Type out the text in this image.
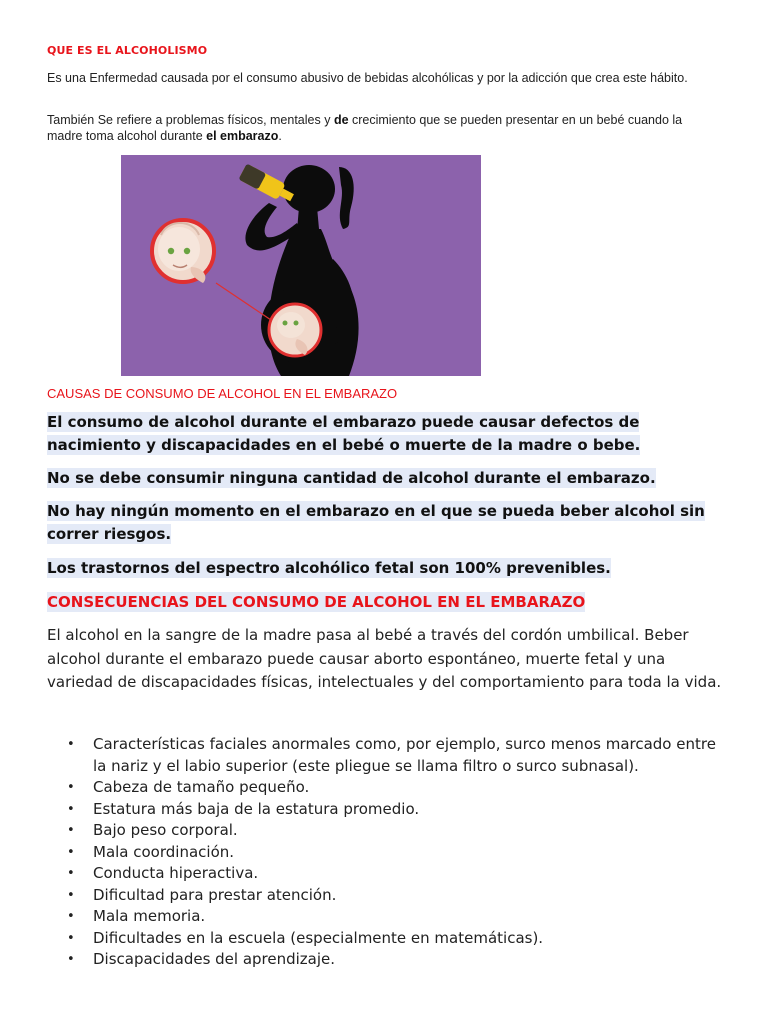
QUE ES EL ALCOHOLISMO
Es una Enfermedad causada por el consumo abusivo de bebidas alcohólicas y por la adicción que crea este hábito.
También Se refiere a problemas físicos, mentales y de crecimiento que se pueden presentar en un bebé cuando la madre toma alcohol durante el embarazo.
CAUSAS DE CONSUMO DE ALCOHOL EN EL EMBARAZO
El consumo de alcohol durante el embarazo puede causar defectos de nacimiento y discapacidades en el bebé o muerte de la madre o bebe.
No se debe consumir ninguna cantidad de alcohol durante el embarazo.
No hay ningún momento en el embarazo en el que se pueda beber alcohol sin correr riesgos.
Los trastornos del espectro alcohólico fetal son 100% prevenibles.
CONSECUENCIAS DEL CONSUMO DE ALCOHOL EN EL EMBARAZO
El alcohol en la sangre de la madre pasa al bebé a través del cordón umbilical. Beber alcohol durante el embarazo puede causar aborto espontáneo, muerte fetal y una variedad de discapacidades físicas, intelectuales y del comportamiento para toda la vida.
• Características faciales anormales como, por ejemplo, surco menos marcado entre la nariz y el labio superior (este pliegue se llama filtro o surco subnasal).
• Cabeza de tamaño pequeño.
• Estatura más baja de la estatura promedio.
• Bajo peso corporal.
• Mala coordinación.
• Conducta hiperactiva.
• Dificultad para prestar atención.
• Mala memoria.
• Dificultades en la escuela (especialmente en matemáticas).
• Discapacidades del aprendizaje.
